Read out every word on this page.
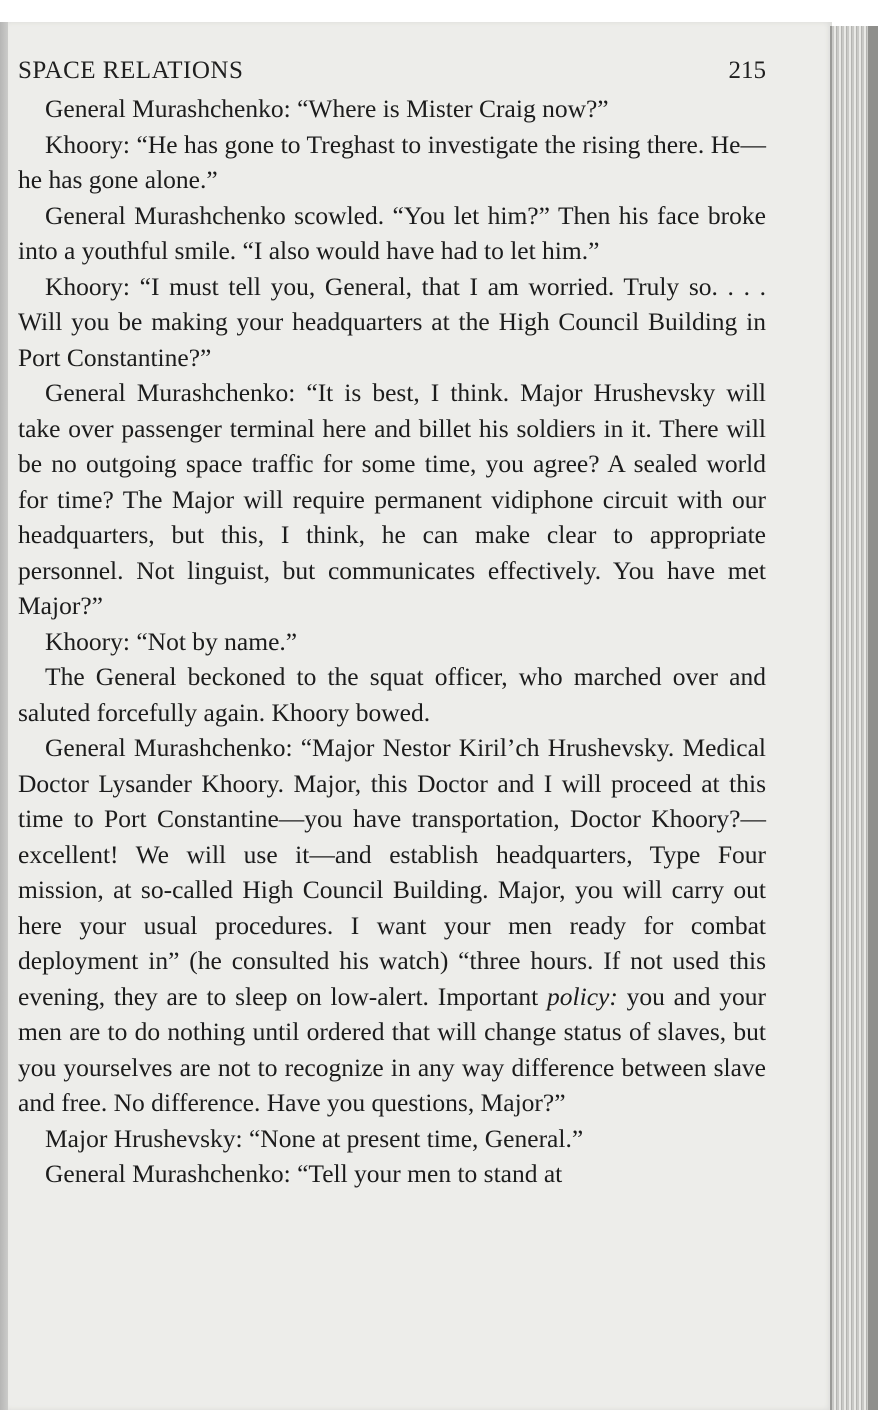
SPACE RELATIONS	215

General Murashchenko: “Where is Mister Craig now?”

Khoory: “He has gone to Treghast to investigate the rising there. He—he has gone alone.”

General Murashchenko scowled. “You let him?” Then his face broke into a youthful smile. “I also would have had to let him.”

Khoory: “I must tell you, General, that I am worried. Truly so. . . . Will you be making your headquarters at the High Council Building in Port Constantine?”

General Murashchenko: “It is best, I think. Major Hrushevsky will take over passenger terminal here and billet his soldiers in it. There will be no outgoing space traffic for some time, you agree? A sealed world for time? The Major will require permanent vidiphone circuit with our headquarters, but this, I think, he can make clear to appropriate personnel. Not linguist, but communicates effectively. You have met Major?”

Khoory: “Not by name.”

The General beckoned to the squat officer, who marched over and saluted forcefully again. Khoory bowed.

General Murashchenko: “Major Nestor Kiril’ch Hrushevsky. Medical Doctor Lysander Khoory. Major, this Doctor and I will proceed at this time to Port Constantine—you have transportation, Doctor Khoory?—excellent! We will use it—and establish headquarters, Type Four mission, at so-called High Council Building. Major, you will carry out here your usual procedures. I want your men ready for combat deployment in” (he consulted his watch) “three hours. If not used this evening, they are to sleep on low-alert. Important policy: you and your men are to do nothing until ordered that will change status of slaves, but you yourselves are not to recognize in any way difference between slave and free. No difference. Have you questions, Major?”

Major Hrushevsky: “None at present time, General.”

General Murashchenko: “Tell your men to stand at
